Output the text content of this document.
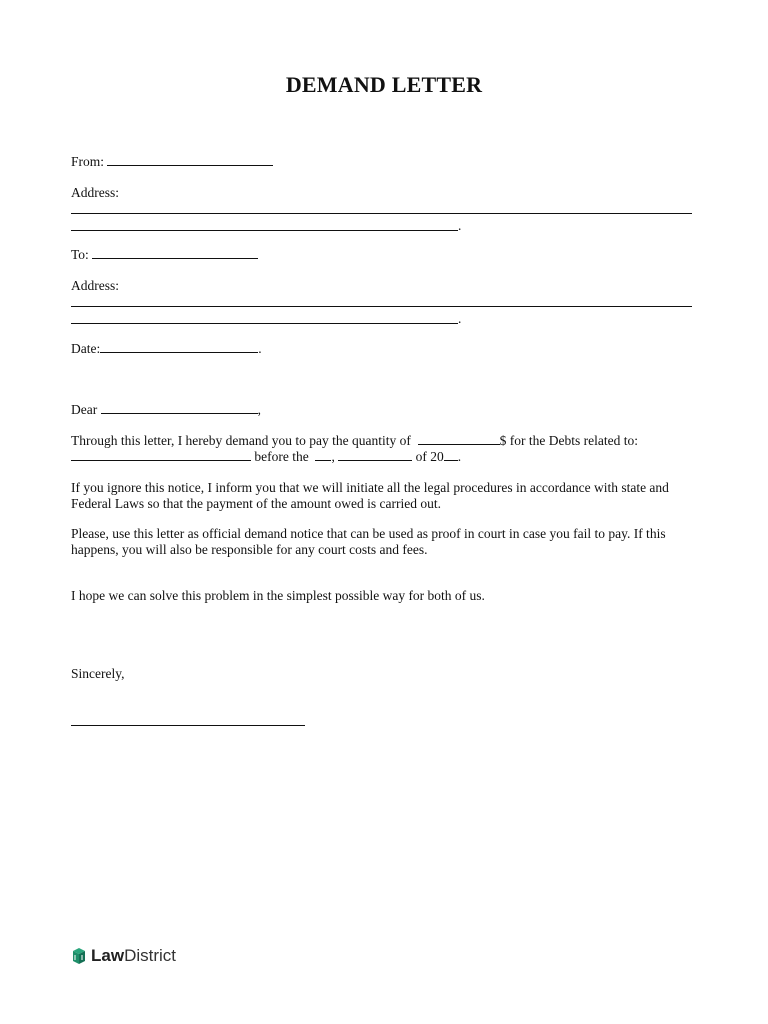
DEMAND LETTER
From:
Address:
.
To:
Address:
.
Date:	.
Dear	,
Through this letter, I hereby demand you to pay the quantity of	$ for the Debts related to:
before the ,	of 20 .
If you ignore this notice, I inform you that we will initiate all the legal procedures in accordance with state and Federal Laws so that the payment of the amount owed is carried out.
Please, use this letter as official demand notice that can be used as proof in court in case you fail to pay. If this happens, you will also be responsible for any court costs and fees.
I hope we can solve this problem in the simplest possible way for both of us.
Sincerely,
Law District
